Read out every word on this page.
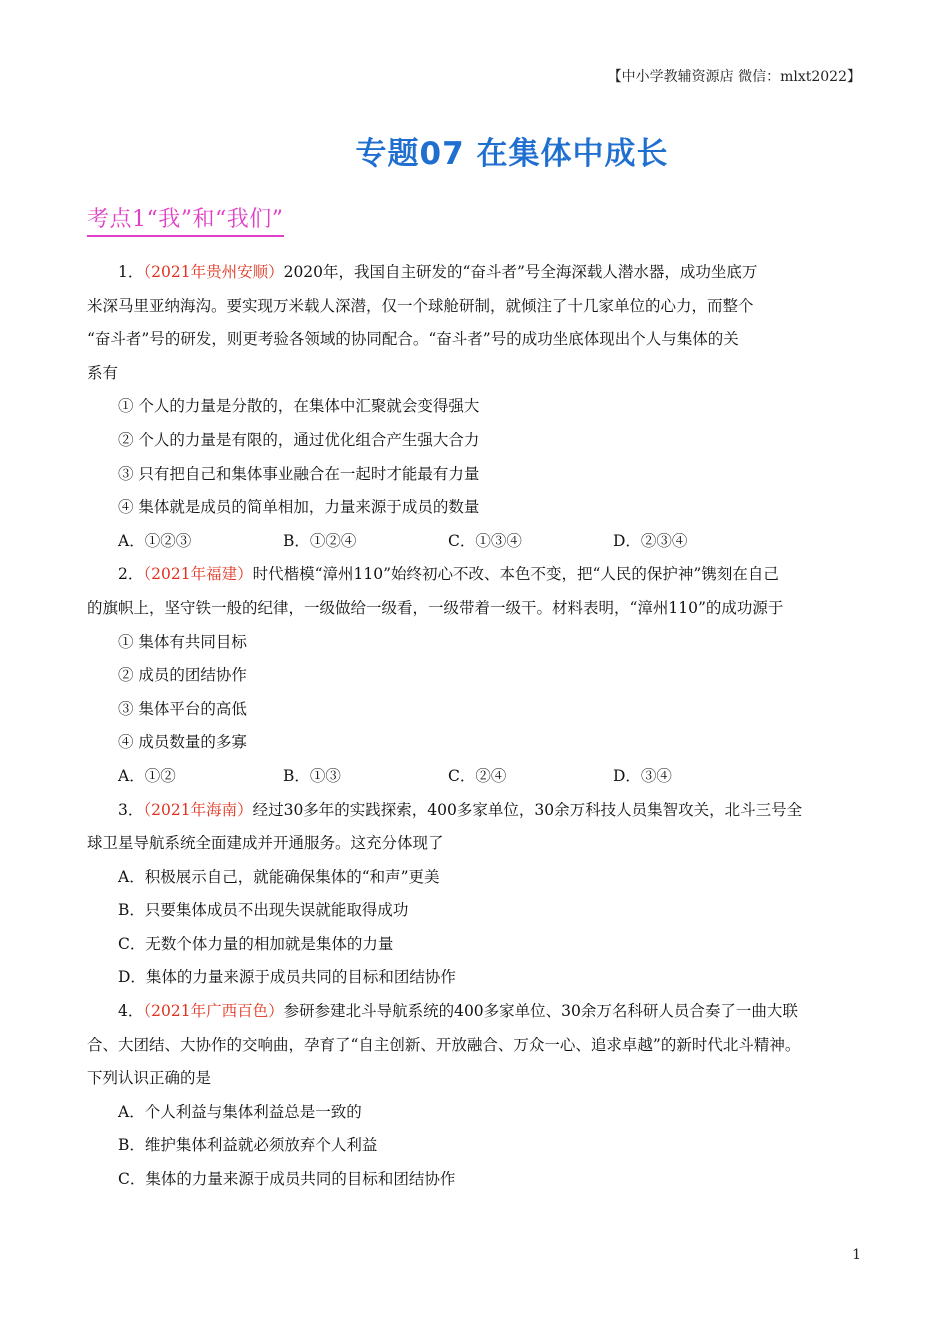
【中小学教辅资源店 微信：mlxt2022】
专题07 在集体中成长
考点1“我”和“我们”

1．（2021年贵州安顺）2020年，我国自主研发的“奋斗者”号全海深载人潜水器，成功坐底万

米深马里亚纳海沟。要实现万米载人深潜，仅一个球舱研制，就倾注了十几家单位的心力，而整个

“奋斗者”号的研发，则更考验各领域的协同配合。“奋斗者”号的成功坐底体现出个人与集体的关

系有

① 个人的力量是分散的，在集体中汇聚就会变得强大

② 个人的力量是有限的，通过优化组合产生强大合力

③ 只有把自己和集体事业融合在一起时才能最有力量

④ 集体就是成员的简单相加，力量来源于成员的数量

A．①②③	B．①②④	C．①③④	D．②③④

2．（2021年福建）时代楷模“漳州110”始终初心不改、本色不变，把“人民的保护神”镌刻在自己

的旗帜上，坚守铁一般的纪律，一级做给一级看，一级带着一级干。材料表明，“漳州110”的成功源于

① 集体有共同目标

② 成员的团结协作

③ 集体平台的高低

④ 成员数量的多寡

A．①②	B．①③	C．②④	D．③④

3．（2021年海南）经过30多年的实践探索，400多家单位，30余万科技人员集智攻关，北斗三号全

球卫星导航系统全面建成并开通服务。这充分体现了

A．积极展示自己，就能确保集体的“和声”更美

B．只要集体成员不出现失误就能取得成功

C．无数个体力量的相加就是集体的力量

D．集体的力量来源于成员共同的目标和团结协作

4．（2021年广西百色）参研参建北斗导航系统的400多家单位、30余万名科研人员合奏了一曲大联

合、大团结、大协作的交响曲，孕育了“自主创新、开放融合、万众一心、追求卓越”的新时代北斗精神。

下列认识正确的是

A．个人利益与集体利益总是一致的

B．维护集体利益就必须放弃个人利益

C．集体的力量来源于成员共同的目标和团结协作

1
